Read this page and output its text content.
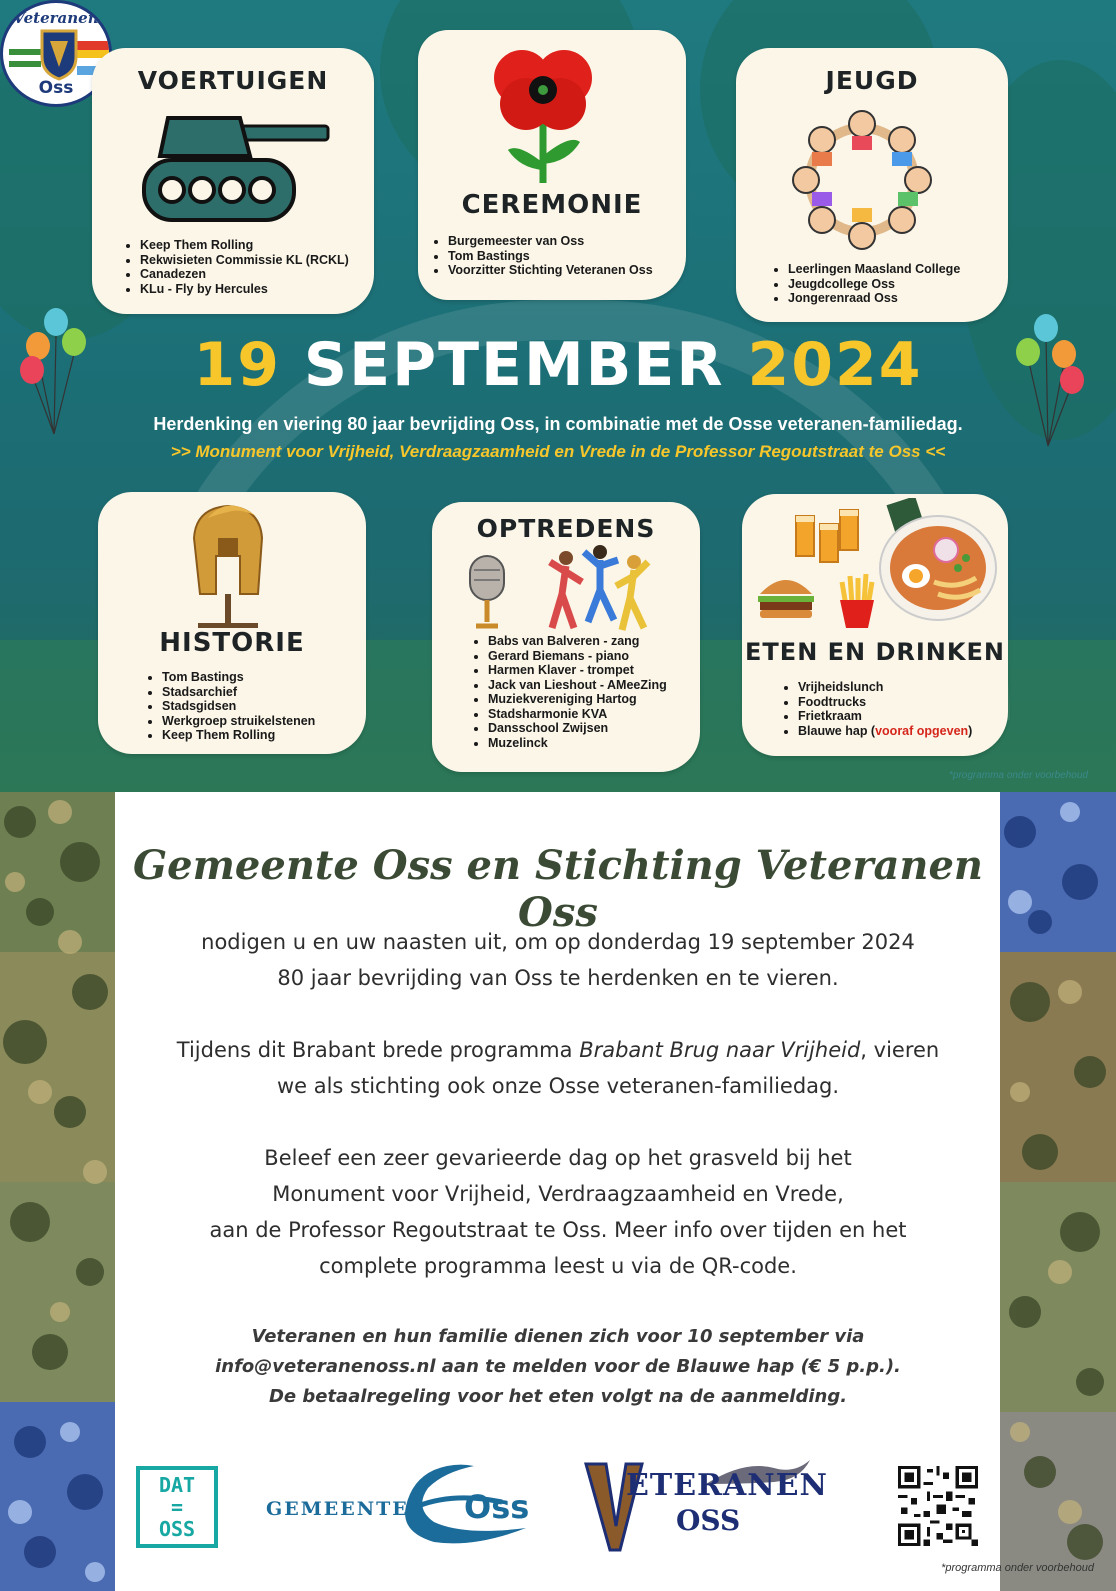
Veteranen
Oss	VOERTUIGEN
• Keep Them Rolling
• Rekwisieten Commissie KL (RCKL)
• Canadezen
• KLu - Fly by Hercules
CEREMONIE
• Burgemeester van Oss
• Tom Bastings
• Voorzitter Stichting Veteranen Oss
JEUGD
• Leerlingen Maasland College
• Jeugdcollege Oss
• Jongerenraad Oss
19 SEPTEMBER 2024
Herdenking en viering 80 jaar bevrijding Oss, in combinatie met de Osse veteranen-familiedag.
>> Monument voor Vrijheid, Verdraagzaamheid en Vrede in de Professor Regoutstraat te Oss <<
HISTORIE
• Tom Bastings
• Stadsarchief
• Stadsgidsen
• Werkgroep struikelstenen
• Keep Them Rolling
OPTREDENS
• Babs van Balveren - zang
• Gerard Biemans - piano
• Harmen Klaver - trompet
• Jack van Lieshout - AMeeZing
• Muziekvereniging Hartog
• Stadsharmonie KVA
• Dansschool Zwijsen
• Muzelinck
ETEN EN DRINKEN
• Vrijheidslunch
• Foodtrucks
• Frietkraam
• Blauwe hap (vooraf opgeven)
*programma onder voorbehoud
Gemeente Oss en Stichting Veteranen Oss
nodigen u en uw naasten uit, om op donderdag 19 september 2024
80 jaar bevrijding van Oss te herdenken en te vieren.
Tijdens dit Brabant brede programma Brabant Brug naar Vrijheid, vieren
we als stichting ook onze Osse veteranen-familiedag.
Beleef een zeer gevarieerde dag op het grasveld bij het
Monument voor Vrijheid, Verdraagzaamheid en Vrede,
aan de Professor Regoutstraat te Oss. Meer info over tijden en het
complete programma leest u via de QR-code.
Veteranen en hun familie dienen zich voor 10 september via
info@veteranenoss.nl aan te melden voor de Blauwe hap (€ 5 p.p.).
De betaalregeling voor het eten volgt na de aanmelding.
DAT
=
OSS
GEMEENTE Oss
ETERANEN
OSS
*programma onder voorbehoud
